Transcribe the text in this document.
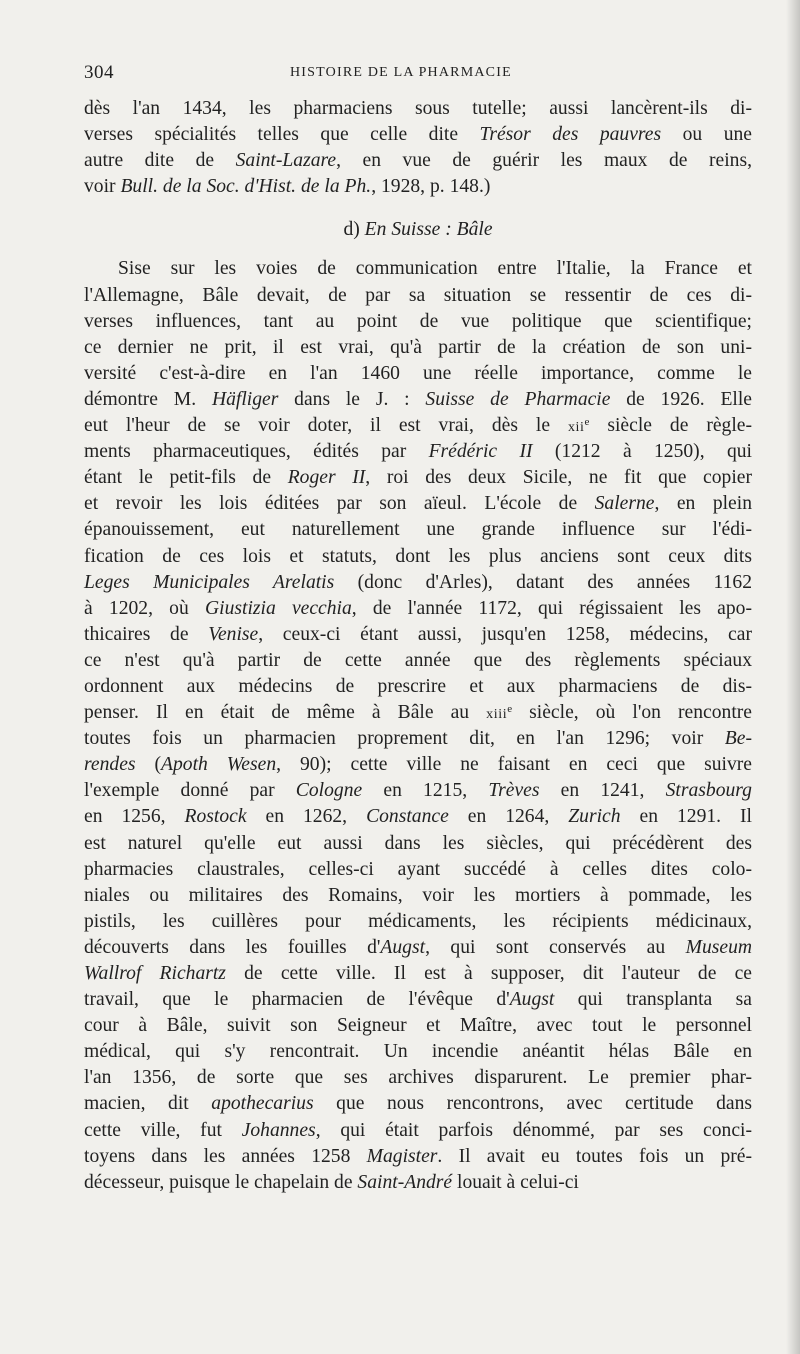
304	HISTOIRE DE LA PHARMACIE
dès l'an 1434, les pharmaciens sous tutelle; aussi lancèrent-ils di-
verses spécialités telles que celle dite Trésor des pauvres ou une
autre dite de Saint-Lazare, en vue de guérir les maux de reins,
voir Bull. de la Soc. d'Hist. de la Ph., 1928, p. 148.)
d) En Suisse : Bâle
Sise sur les voies de communication entre l'Italie, la France et
l'Allemagne, Bâle devait, de par sa situation se ressentir de ces di-
verses influences, tant au point de vue politique que scientifique;
ce dernier ne prit, il est vrai, qu'à partir de la création de son uni-
versité c'est-à-dire en l'an 1460 une réelle importance, comme le
démontre M. Häfliger dans le J. : Suisse de Pharmacie de 1926. Elle
eut l'heur de se voir doter, il est vrai, dès le xii$^e$ siècle de règle-
ments pharmaceutiques, édités par Frédéric II (1212 à 1250), qui
étant le petit-fils de Roger II, roi des deux Sicile, ne fit que copier
et revoir les lois éditées par son aïeul. L'école de Salerne, en plein
épanouissement, eut naturellement une grande influence sur l'édi-
fication de ces lois et statuts, dont les plus anciens sont ceux dits
Leges Municipales Arelatis (donc d'Arles), datant des années 1162
à 1202, où Giustizia vecchia, de l'année 1172, qui régissaient les apo-
thicaires de Venise, ceux-ci étant aussi, jusqu'en 1258, médecins, car
ce n'est qu'à partir de cette année que des règlements spéciaux
ordonnent aux médecins de prescrire et aux pharmaciens de dis-
penser. Il en était de même à Bâle au xiii$^e$ siècle, où l'on rencontre
toutes fois un pharmacien proprement dit, en l'an 1296; voir Be-
rendes (Apoth Wesen, 90); cette ville ne faisant en ceci que suivre
l'exemple donné par Cologne en 1215, Trèves en 1241, Strasbourg
en 1256, Rostock en 1262, Constance en 1264, Zurich en 1291. Il
est naturel qu'elle eut aussi dans les siècles, qui précédèrent des
pharmacies claustrales, celles-ci ayant succédé à celles dites colo-
niales ou militaires des Romains, voir les mortiers à pommade, les
pistils, les cuillères pour médicaments, les récipients médicinaux,
découverts dans les fouilles d'Augst, qui sont conservés au Museum
Wallrof Richartz de cette ville. Il est à supposer, dit l'auteur de ce
travail, que le pharmacien de l'évêque d'Augst qui transplanta sa
cour à Bâle, suivit son Seigneur et Maître, avec tout le personnel
médical, qui s'y rencontrait. Un incendie anéantit hélas Bâle en
l'an 1356, de sorte que ses archives disparurent. Le premier phar-
macien, dit apothecarius que nous rencontrons, avec certitude dans
cette ville, fut Johannes, qui était parfois dénommé, par ses conci-
toyens dans les années 1258 Magister. Il avait eu toutes fois un pré-
décesseur, puisque le chapelain de Saint-André louait à celui-ci
